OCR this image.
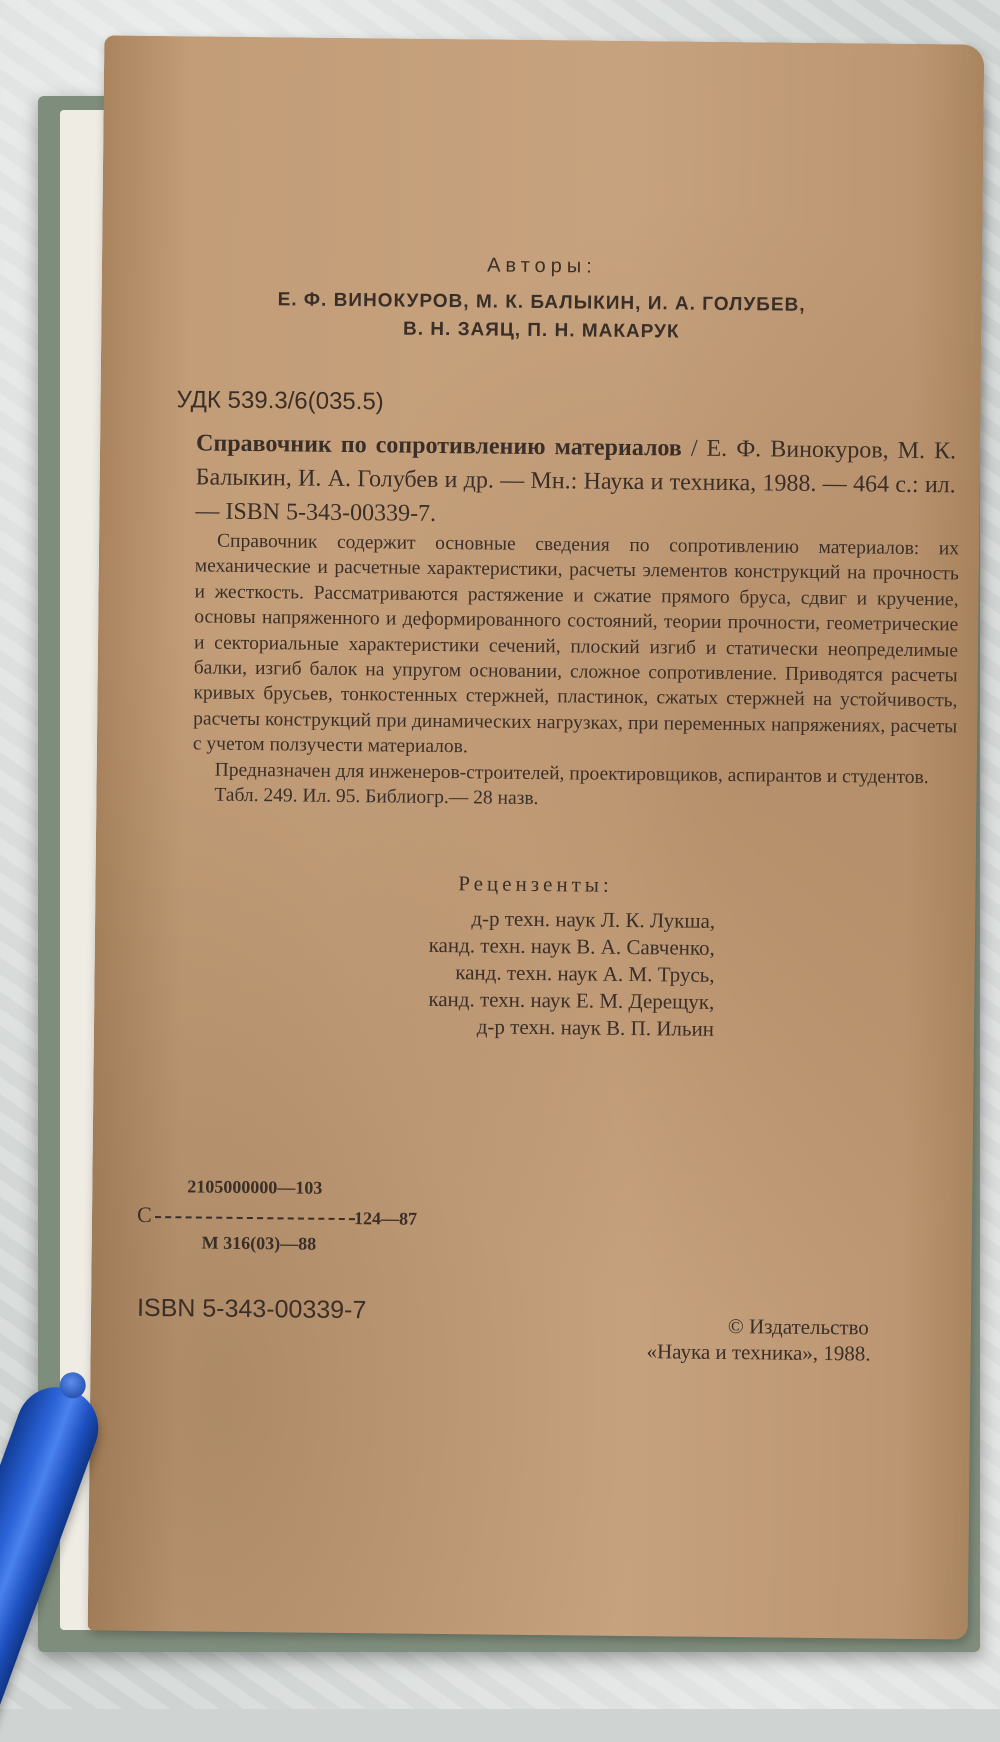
Авторы:

Е. Ф. ВИНОКУРОВ, М. К. БАЛЫКИН, И. А. ГОЛУБЕВ,

В. Н. ЗАЯЦ, П. Н. МАКАРУК

УДК 539.3/6(035.5)

Справочник по сопротивлению материалов / Е. Ф. Винокуров, М. К. Балыкин, И. А. Голубев и др. — Мн.: Наука и техника, 1988. — 464 с.: ил. — ISBN 5-343-00339-7.

Справочник содержит основные сведения по сопротивлению материалов: их механические и расчетные характеристики, расчеты элементов конструкций на прочность и жесткость. Рассматриваются растяжение и сжатие прямого бруса, сдвиг и кручение, основы напряженного и деформированного состояний, теории прочности, геометрические и секториальные характеристики сечений, плоский изгиб и статически неопределимые балки, изгиб балок на упругом основании, сложное сопротивление. Приводятся расчеты кривых брусьев, тонкостенных стержней, пластинок, сжатых стержней на устойчивость, расчеты конструкций при динамических нагрузках, при переменных напряжениях, расчеты с учетом ползучести материалов.

Предназначен для инженеров-строителей, проектировщиков, аспирантов и студентов.

Табл. 249. Ил. 95. Библиогр.— 28 назв.

Рецензенты:

д-р техн. наук Л. К. Лукша,
канд. техн. наук В. А. Савченко,
канд. техн. наук А. М. Трусь,
канд. техн. наук Е. М. Дерещук,
д-р техн. наук В. П. Ильин

2105000000—103

С	124—87

М 316(03)—88

ISBN 5-343-00339-7

© Издательство

«Наука и техника», 1988.
